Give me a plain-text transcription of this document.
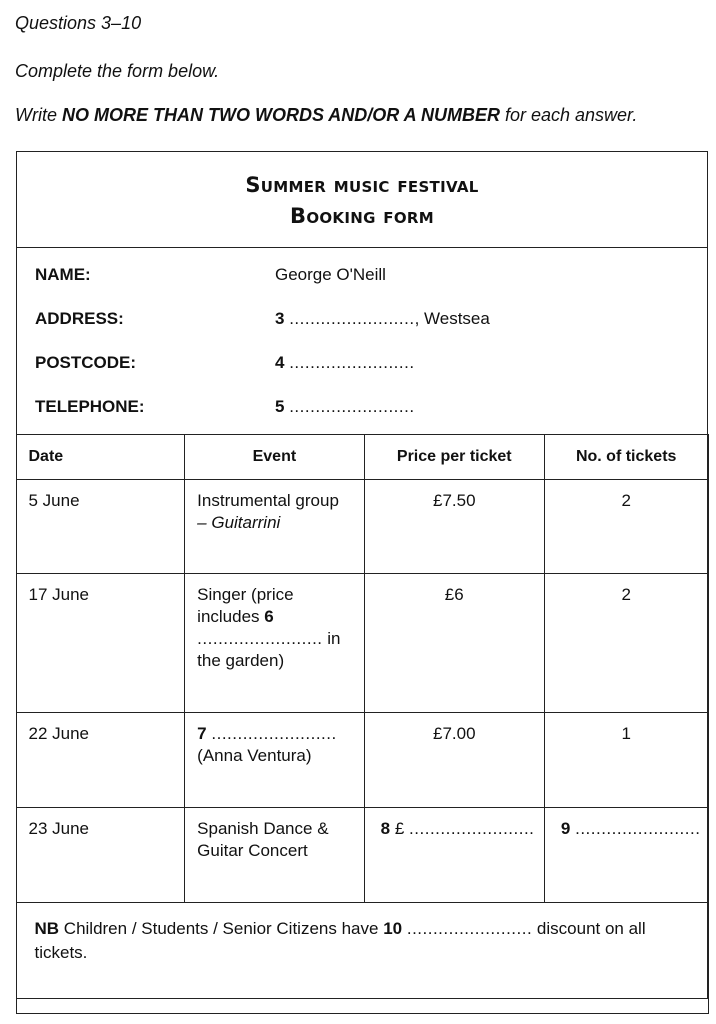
Questions 3–10
Complete the form below.
Write NO MORE THAN TWO WORDS AND/OR A NUMBER for each answer.
Summer music festival
Booking form
NAME:	George O'Neill
ADDRESS:	3 ........................, Westsea
POSTCODE:	4 ........................
TELEPHONE:	5 ........................
Date	Event	Price per ticket	No. of tickets

5 June	Instrumental group
– Guitarrini	£7.50	2

17 June	Singer (price includes 6 ........................ in the garden)	£6	2

22 June	7 ........................
(Anna Ventura)	£7.00	1

23 June	Spanish Dance &
Guitar Concert	8 £ ........................	9 ........................

NB Children / Students / Senior Citizens have 10 ........................ discount on all tickets.			
